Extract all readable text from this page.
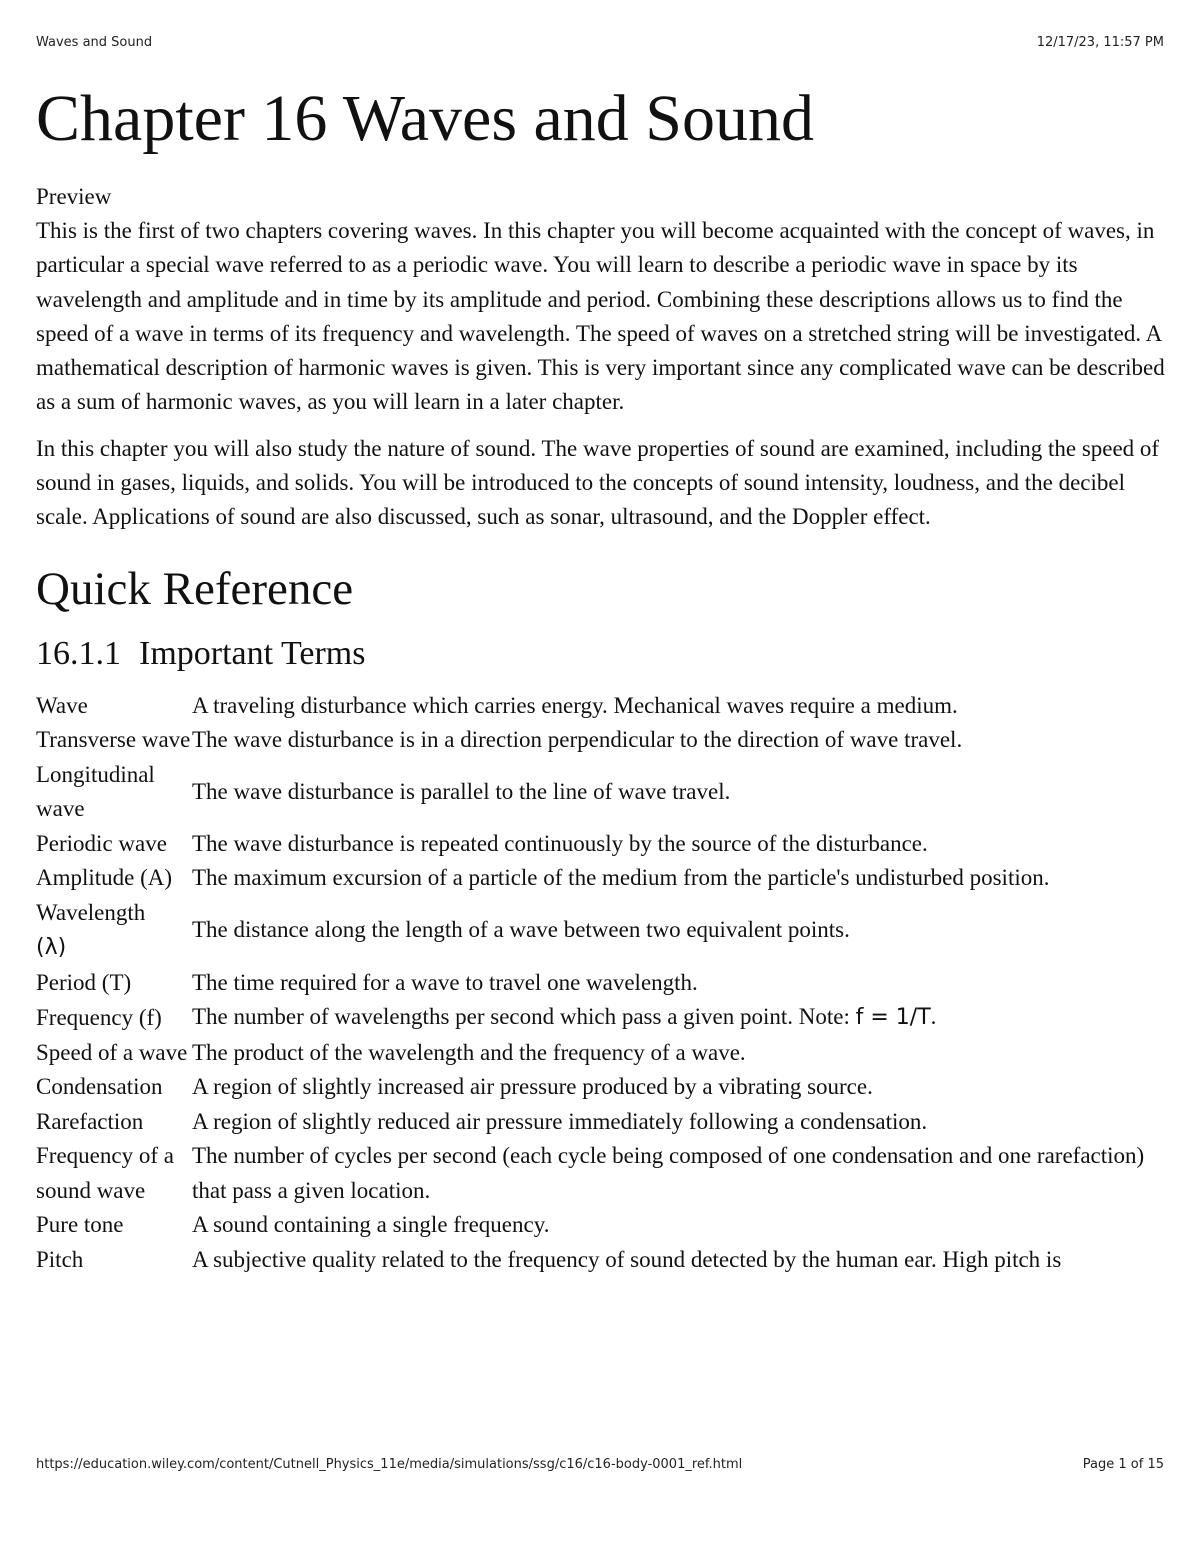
Waves and Sound	12/17/23, 11:57 PM
Chapter 16 Waves and Sound
Preview

This is the first of two chapters covering waves. In this chapter you will become acquainted with the concept of waves, in particular a special wave referred to as a periodic wave. You will learn to describe a periodic wave in space by its wavelength and amplitude and in time by its amplitude and period. Combining these descriptions allows us to find the speed of a wave in terms of its frequency and wavelength. The speed of waves on a stretched string will be investigated. A mathematical description of harmonic waves is given. This is very important since any complicated wave can be described as a sum of harmonic waves, as you will learn in a later chapter.

In this chapter you will also study the nature of sound. The wave properties of sound are examined, including the speed of sound in gases, liquids, and solids. You will be introduced to the concepts of sound intensity, loudness, and the decibel scale. Applications of sound are also discussed, such as sonar, ultrasound, and the Doppler effect.

Quick Reference
16.1.1 Important Terms
Wave	A traveling disturbance which carries energy. Mechanical waves require a medium.
Transverse wave	The wave disturbance is in a direction perpendicular to the direction of wave travel.
Longitudinal wave	The wave disturbance is parallel to the line of wave travel.
Periodic wave	The wave disturbance is repeated continuously by the source of the disturbance.
Amplitude (A)	The maximum excursion of a particle of the medium from the particle's undisturbed position.
Wavelength
(λ)	The distance along the length of a wave between two equivalent points.
Period (T)	The time required for a wave to travel one wavelength.
Frequency (f)	The number of wavelengths per second which pass a given point. Note: f = 1/T.
Speed of a wave	The product of the wavelength and the frequency of a wave.
Condensation	A region of slightly increased air pressure produced by a vibrating source.
Rarefaction	A region of slightly reduced air pressure immediately following a condensation.
Frequency of a sound wave	The number of cycles per second (each cycle being composed of one condensation and one rarefaction) that pass a given location.
Pure tone	A sound containing a single frequency.
Pitch	A subjective quality related to the frequency of sound detected by the human ear. High pitch is
https://education.wiley.com/content/Cutnell_Physics_11e/media/simulations/ssg/c16/c16-body-0001_ref.html	Page 1 of 15
